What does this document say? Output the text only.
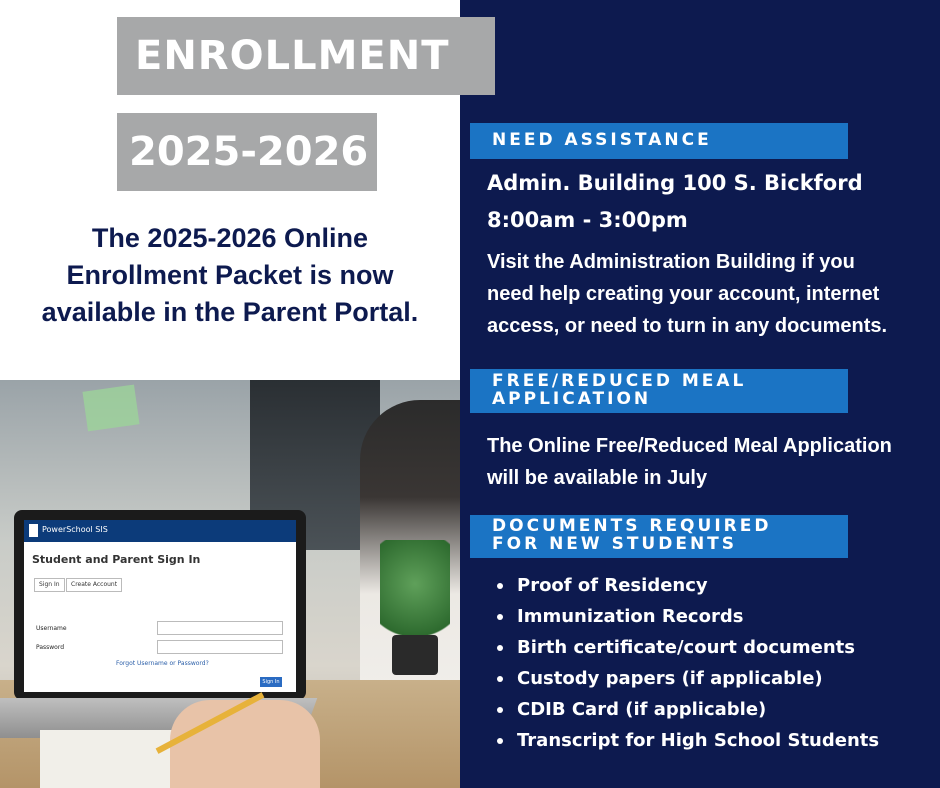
ENROLLMENT
2025-2026
The 2025-2026 Online Enrollment Packet is now available in the Parent Portal.
PowerSchool SIS
Student and Parent Sign In
Sign In	Create Account
Username
Password
Forgot Username or Password?
Sign In
NEED ASSISTANCE
Admin. Building 100 S. Bickford
8:00am - 3:00pm
Visit the Administration Building if you need help creating your account, internet access, or need to turn in any documents.
FREE/REDUCED MEAL
APPLICATION
The Online Free/Reduced Meal Application will be available in July
DOCUMENTS REQUIRED
FOR NEW STUDENTS
Proof of Residency
Immunization Records
Birth certificate/court documents
Custody papers (if applicable)
CDIB Card (if applicable)
Transcript for High School Students
